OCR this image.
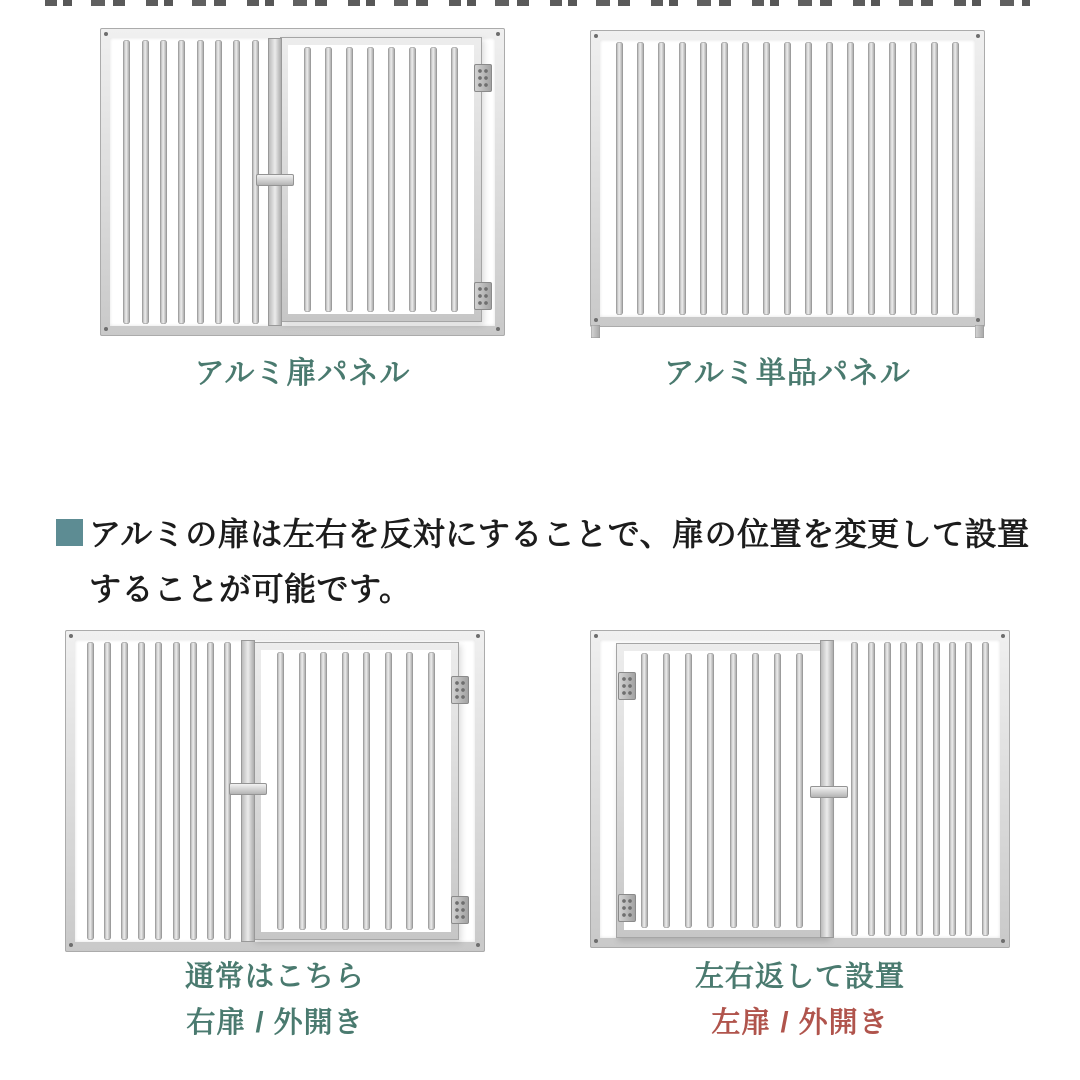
アルミ扉パネル	アルミ単品パネル
アルミの扉は左右を反対にすることで、扉の位置を変更して設置
することが可能です。
通常はこちら
右扉 / 外開き
左右返して設置
左扉 / 外開き
